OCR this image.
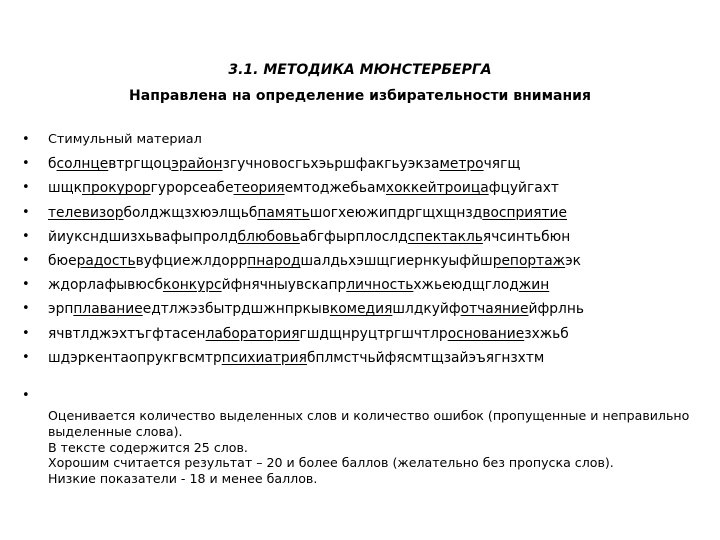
3.1. МЕТОДИКА МЮНСТЕРБЕРГА
Направлена на определение избирательности внимания
• Стимульный материал
• бсолнцевтргщоцэрайонзгучновосгьхэьршфакгьуэкзаметрочягщ
• шщкпрокуроргурорсеабетеорияемтоджебьамхоккейтроицафцуйгахт
• телевизорболджщзхюэлщьбпамятьшогхеюжипдргщхщнздвосприятие
• йиуксндшизхьвафыпролдблюбовьабгфырплослдспектакльячсинтьбюн
• бюерадостьвуфциежлдоррпнародшалдьхэшщгиернкуыфйшрепортажэк
• ждорлафывюсбконкурсйфнячныувскапрличностьхжьеюдщглоджин
• эрпплаваниеедтлжэзбытрдшжнпркывкомедияшлдкуйфотчаяниейфрлнь
• ячвтлджэхтъгфтасенлабораториягшдщнруцтргшчтлроснованиезхжьб
• шдэркентаопрукгвсмтрпсихиатриябплмстчьйфясмтщзайэъягнзхтм
•
Оценивается количество выделенных слов и количество ошибок (пропущенные и неправильно выделенные слова).
В тексте содержится 25 слов.
Хорошим считается результат – 20 и более баллов (желательно без пропуска слов).
Низкие показатели - 18 и менее баллов.
